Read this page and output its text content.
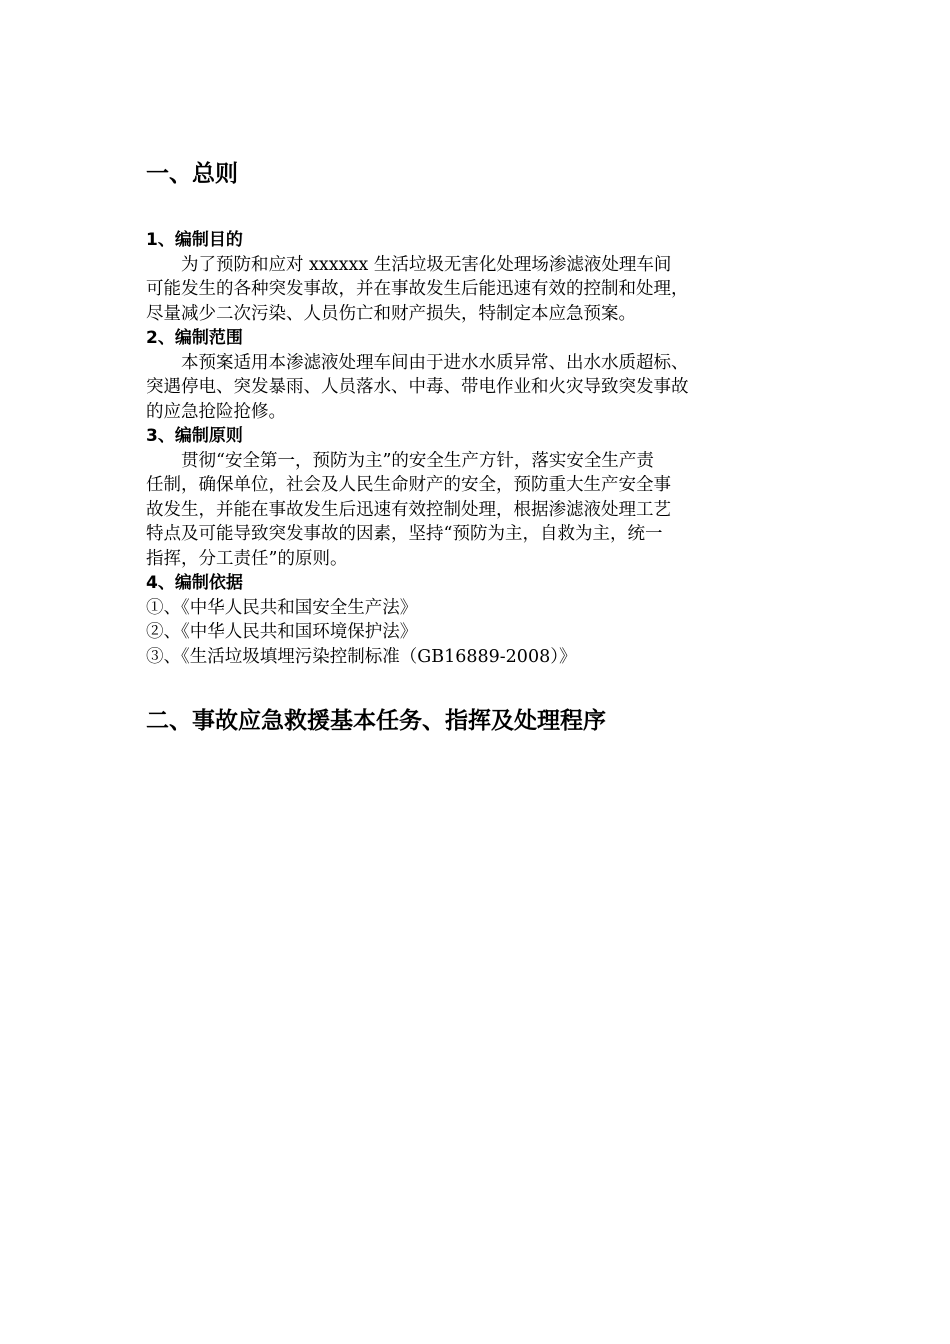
一、总则
1、编制目的
为了预防和应对 xxxxxx 生活垃圾无害化处理场渗滤液处理车间
可能发生的各种突发事故，并在事故发生后能迅速有效的控制和处理，
尽量减少二次污染、人员伤亡和财产损失，特制定本应急预案。
2、编制范围
本预案适用本渗滤液处理车间由于进水水质异常、出水水质超标、
突遇停电、突发暴雨、人员落水、中毒、带电作业和火灾导致突发事故
的应急抢险抢修。
3、编制原则
贯彻“安全第一，预防为主”的安全生产方针，落实安全生产责
任制，确保单位，社会及人民生命财产的安全，预防重大生产安全事
故发生，并能在事故发生后迅速有效控制处理，根据渗滤液处理工艺
特点及可能导致突发事故的因素，坚持“预防为主，自救为主，统一
指挥，分工责任”的原则。
4、编制依据

①、《中华人民共和国安全生产法》

②、《中华人民共和国环境保护法》

③、《生活垃圾填埋污染控制标准（GB16889-2008）》

二、事故应急救援基本任务、指挥及处理程序
